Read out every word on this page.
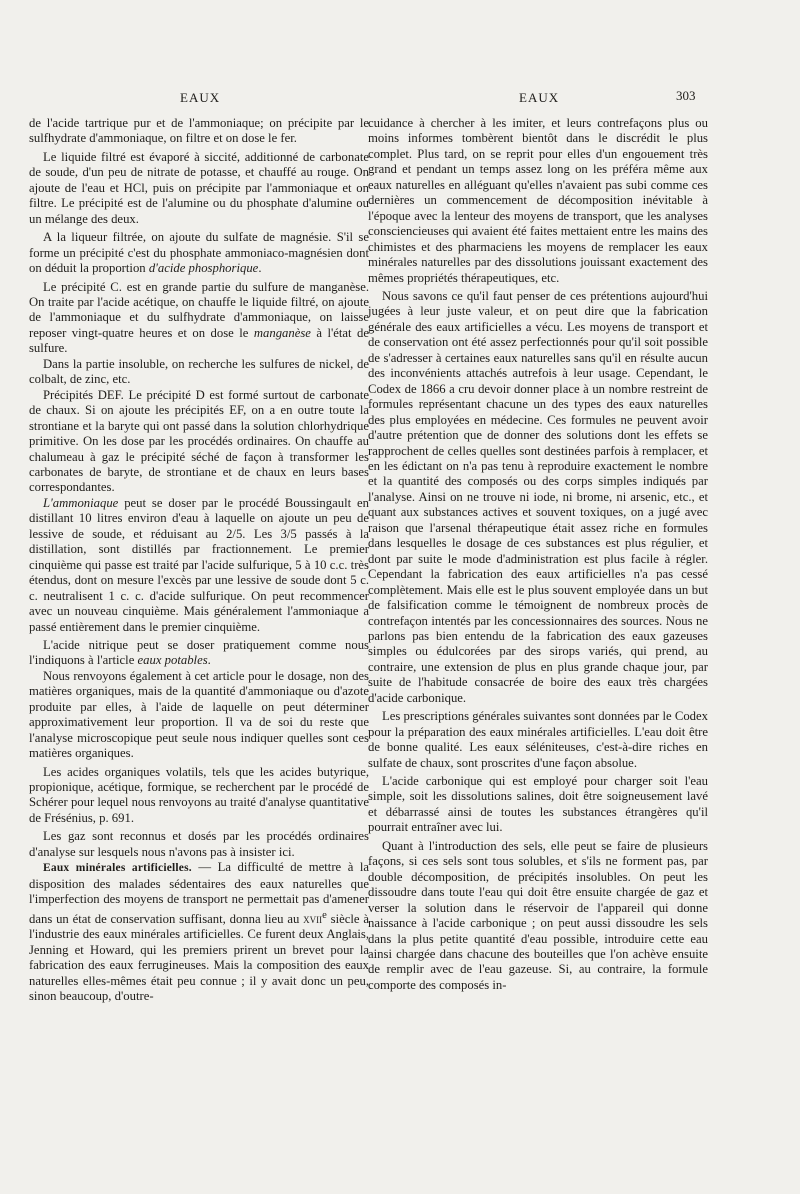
EAUX	EAUX	303

de l'acide tartrique pur et de l'ammoniaque; on précipite par le sulfhydrate d'ammoniaque, on filtre et on dose le fer.

Le liquide filtré est évaporé à siccité, additionné de carbonate de soude, d'un peu de nitrate de potasse, et chauffé au rouge. On ajoute de l'eau et HCl, puis on précipite par l'ammoniaque et on filtre. Le précipité est de l'alumine ou du phosphate d'alumine ou un mélange des deux.

A la liqueur filtrée, on ajoute du sulfate de magnésie. S'il se forme un précipité c'est du phosphate ammoniaco-magnésien dont on déduit la proportion d'acide phosphorique.

Le précipité C. est en grande partie du sulfure de manganèse. On traite par l'acide acétique, on chauffe le liquide filtré, on ajoute de l'ammoniaque et du sulfhydrate d'ammoniaque, on laisse reposer vingt-quatre heures et on dose le manganèse à l'état de sulfure.

Dans la partie insoluble, on recherche les sulfures de nickel, de colbalt, de zinc, etc.

Précipités DEF. Le précipité D est formé surtout de carbonate de chaux. Si on ajoute les précipités EF, on a en outre toute la strontiane et la baryte qui ont passé dans la solution chlorhydrique primitive. On les dose par les procédés ordinaires. On chauffe au chalumeau à gaz le précipité séché de façon à transformer les carbonates de baryte, de strontiane et de chaux en leurs bases correspondantes.

L'ammoniaque peut se doser par le procédé Boussingault en distillant 10 litres environ d'eau à laquelle on ajoute un peu de lessive de soude, et réduisant au 2/5. Les 3/5 passés à la distillation, sont distillés par fractionnement. Le premier cinquième qui passe est traité par l'acide sulfurique, 5 à 10 c.c. très étendus, dont on mesure l'excès par une lessive de soude dont 5 c. c. neutralisent 1 c. c. d'acide sulfurique. On peut recommencer avec un nouveau cinquième. Mais généralement l'ammoniaque a passé entièrement dans le premier cinquième.

L'acide nitrique peut se doser pratiquement comme nous l'indiquons à l'article eaux potables.

Nous renvoyons également à cet article pour le dosage, non des matières organiques, mais de la quantité d'ammoniaque ou d'azote produite par elles, à l'aide de laquelle on peut déterminer approximativement leur proportion. Il va de soi du reste que l'analyse microscopique peut seule nous indiquer quelles sont ces matières organiques.

Les acides organiques volatils, tels que les acides butyrique, propionique, acétique, formique, se recherchent par le procédé de Schérer pour lequel nous renvoyons au traité d'analyse quantitative de Frésénius, p. 691.

Les gaz sont reconnus et dosés par les procédés ordinaires d'analyse sur lesquels nous n'avons pas à insister ici.

Eaux minérales artificielles. — La difficulté de mettre à la disposition des malades sédentaires des eaux naturelles que l'imperfection des moyens de transport ne permettait pas d'amener dans un état de conservation suffisant, donna lieu au xvii$^e$ siècle à l'industrie des eaux minérales artificielles. Ce furent deux Anglais, Jenning et Howard, qui les premiers prirent un brevet pour la fabrication des eaux ferrugineuses. Mais la composition des eaux naturelles elles-mêmes était peu connue ; il y avait donc un peu, sinon beaucoup, d'outre-

cuidance à chercher à les imiter, et leurs contrefaçons plus ou moins informes tombèrent bientôt dans le discrédit le plus complet. Plus tard, on se reprit pour elles d'un engouement très grand et pendant un temps assez long on les préféra même aux eaux naturelles en alléguant qu'elles n'avaient pas subi comme ces dernières un commencement de décomposition inévitable à l'époque avec la lenteur des moyens de transport, que les analyses consciencieuses qui avaient été faites mettaient entre les mains des chimistes et des pharmaciens les moyens de remplacer les eaux minérales naturelles par des dissolutions jouissant exactement des mêmes propriétés thérapeutiques, etc.

Nous savons ce qu'il faut penser de ces prétentions aujourd'hui jugées à leur juste valeur, et on peut dire que la fabrication générale des eaux artificielles a vécu. Les moyens de transport et de conservation ont été assez perfectionnés pour qu'il soit possible de s'adresser à certaines eaux naturelles sans qu'il en résulte aucun des inconvénients attachés autrefois à leur usage. Cependant, le Codex de 1866 a cru devoir donner place à un nombre restreint de formules représentant chacune un des types des eaux naturelles des plus employées en médecine. Ces formules ne peuvent avoir d'autre prétention que de donner des solutions dont les effets se rapprochent de celles quelles sont destinées parfois à remplacer, et en les édictant on n'a pas tenu à reproduire exactement le nombre et la quantité des composés ou des corps simples indiqués par l'analyse. Ainsi on ne trouve ni iode, ni brome, ni arsenic, etc., et quant aux substances actives et souvent toxiques, on a jugé avec raison que l'arsenal thérapeutique était assez riche en formules dans lesquelles le dosage de ces substances est plus régulier, et dont par suite le mode d'administration est plus facile à régler. Cependant la fabrication des eaux artificielles n'a pas cessé complètement. Mais elle est le plus souvent employée dans un but de falsification comme le témoignent de nombreux procès de contrefaçon intentés par les concessionnaires des sources. Nous ne parlons pas bien entendu de la fabrication des eaux gazeuses simples ou édulcorées par des sirops variés, qui prend, au contraire, une extension de plus en plus grande chaque jour, par suite de l'habitude consacrée de boire des eaux très chargées d'acide carbonique.

Les prescriptions générales suivantes sont données par le Codex pour la préparation des eaux minérales artificielles. L'eau doit être de bonne qualité. Les eaux séléniteuses, c'est-à-dire riches en sulfate de chaux, sont proscrites d'une façon absolue.

L'acide carbonique qui est employé pour charger soit l'eau simple, soit les dissolutions salines, doit être soigneusement lavé et débarrassé ainsi de toutes les substances étrangères qu'il pourrait entraîner avec lui.

Quant à l'introduction des sels, elle peut se faire de plusieurs façons, si ces sels sont tous solubles, et s'ils ne forment pas, par double décomposition, de précipités insolubles. On peut les dissoudre dans toute l'eau qui doit être ensuite chargée de gaz et verser la solution dans le réservoir de l'appareil qui donne naissance à l'acide carbonique ; on peut aussi dissoudre les sels dans la plus petite quantité d'eau possible, introduire cette eau ainsi chargée dans chacune des bouteilles que l'on achève ensuite de remplir avec de l'eau gazeuse. Si, au contraire, la formule comporte des composés in-
